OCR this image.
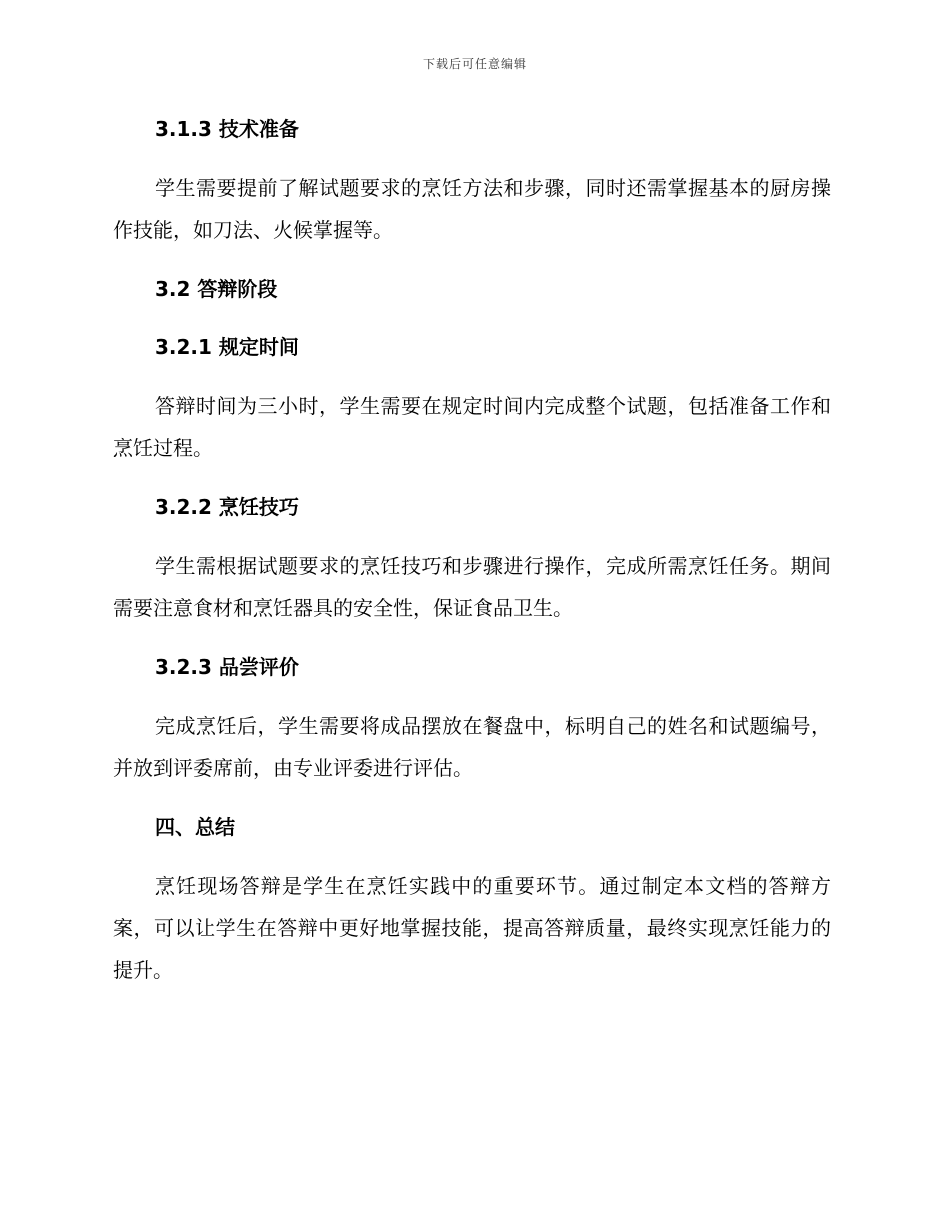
下载后可任意编辑
3.1.3 技术准备
学生需要提前了解试题要求的烹饪方法和步骤，同时还需掌握基本的厨房操作技能，如刀法、火候掌握等。
3.2 答辩阶段
3.2.1 规定时间
答辩时间为三小时，学生需要在规定时间内完成整个试题，包括准备工作和烹饪过程。
3.2.2 烹饪技巧
学生需根据试题要求的烹饪技巧和步骤进行操作，完成所需烹饪任务。期间需要注意食材和烹饪器具的安全性，保证食品卫生。
3.2.3 品尝评价
完成烹饪后，学生需要将成品摆放在餐盘中，标明自己的姓名和试题编号，并放到评委席前，由专业评委进行评估。
四、总结
烹饪现场答辩是学生在烹饪实践中的重要环节。通过制定本文档的答辩方案，可以让学生在答辩中更好地掌握技能，提高答辩质量，最终实现烹饪能力的提升。
